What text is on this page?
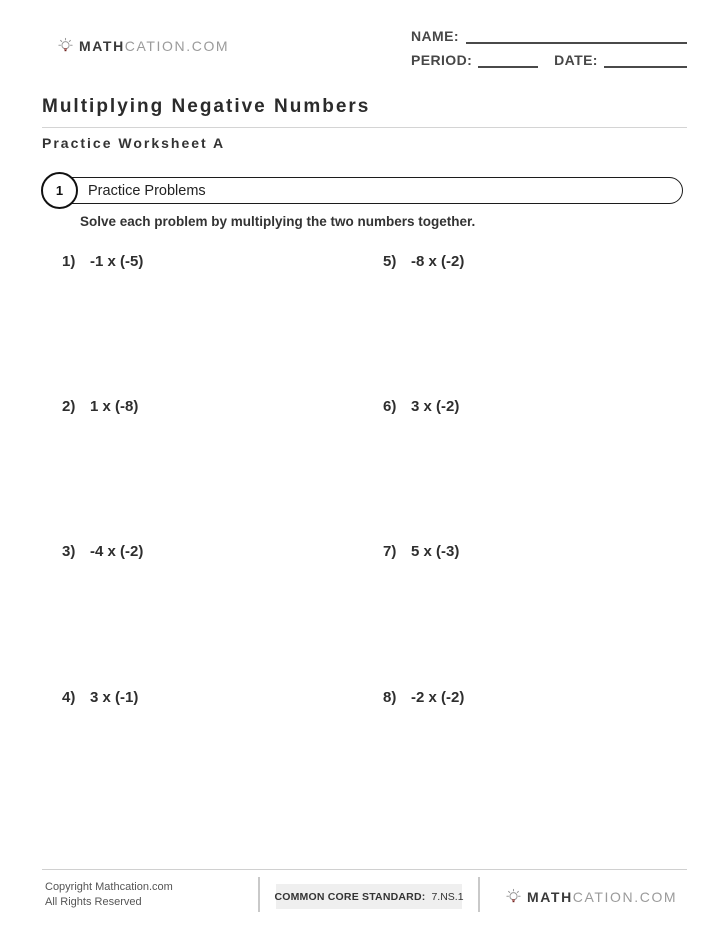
MATHCATION.COM
NAME:
PERIOD:	DATE:
Multiplying Negative Numbers
Practice Worksheet A
Practice Problems
1
Solve each problem by multiplying the two numbers together.
1) -1 x (-5)
2) 1 x (-8)
3) -4 x (-2)
4) 3 x (-1)
5) -8 x (-2)
6) 3 x (-2)
7) 5 x (-3)
8) -2 x (-2)
Copyright Mathcation.com
All Rights Reserved	COMMON CORE STANDARD: 7.NS.1	MATHCATION.COM
